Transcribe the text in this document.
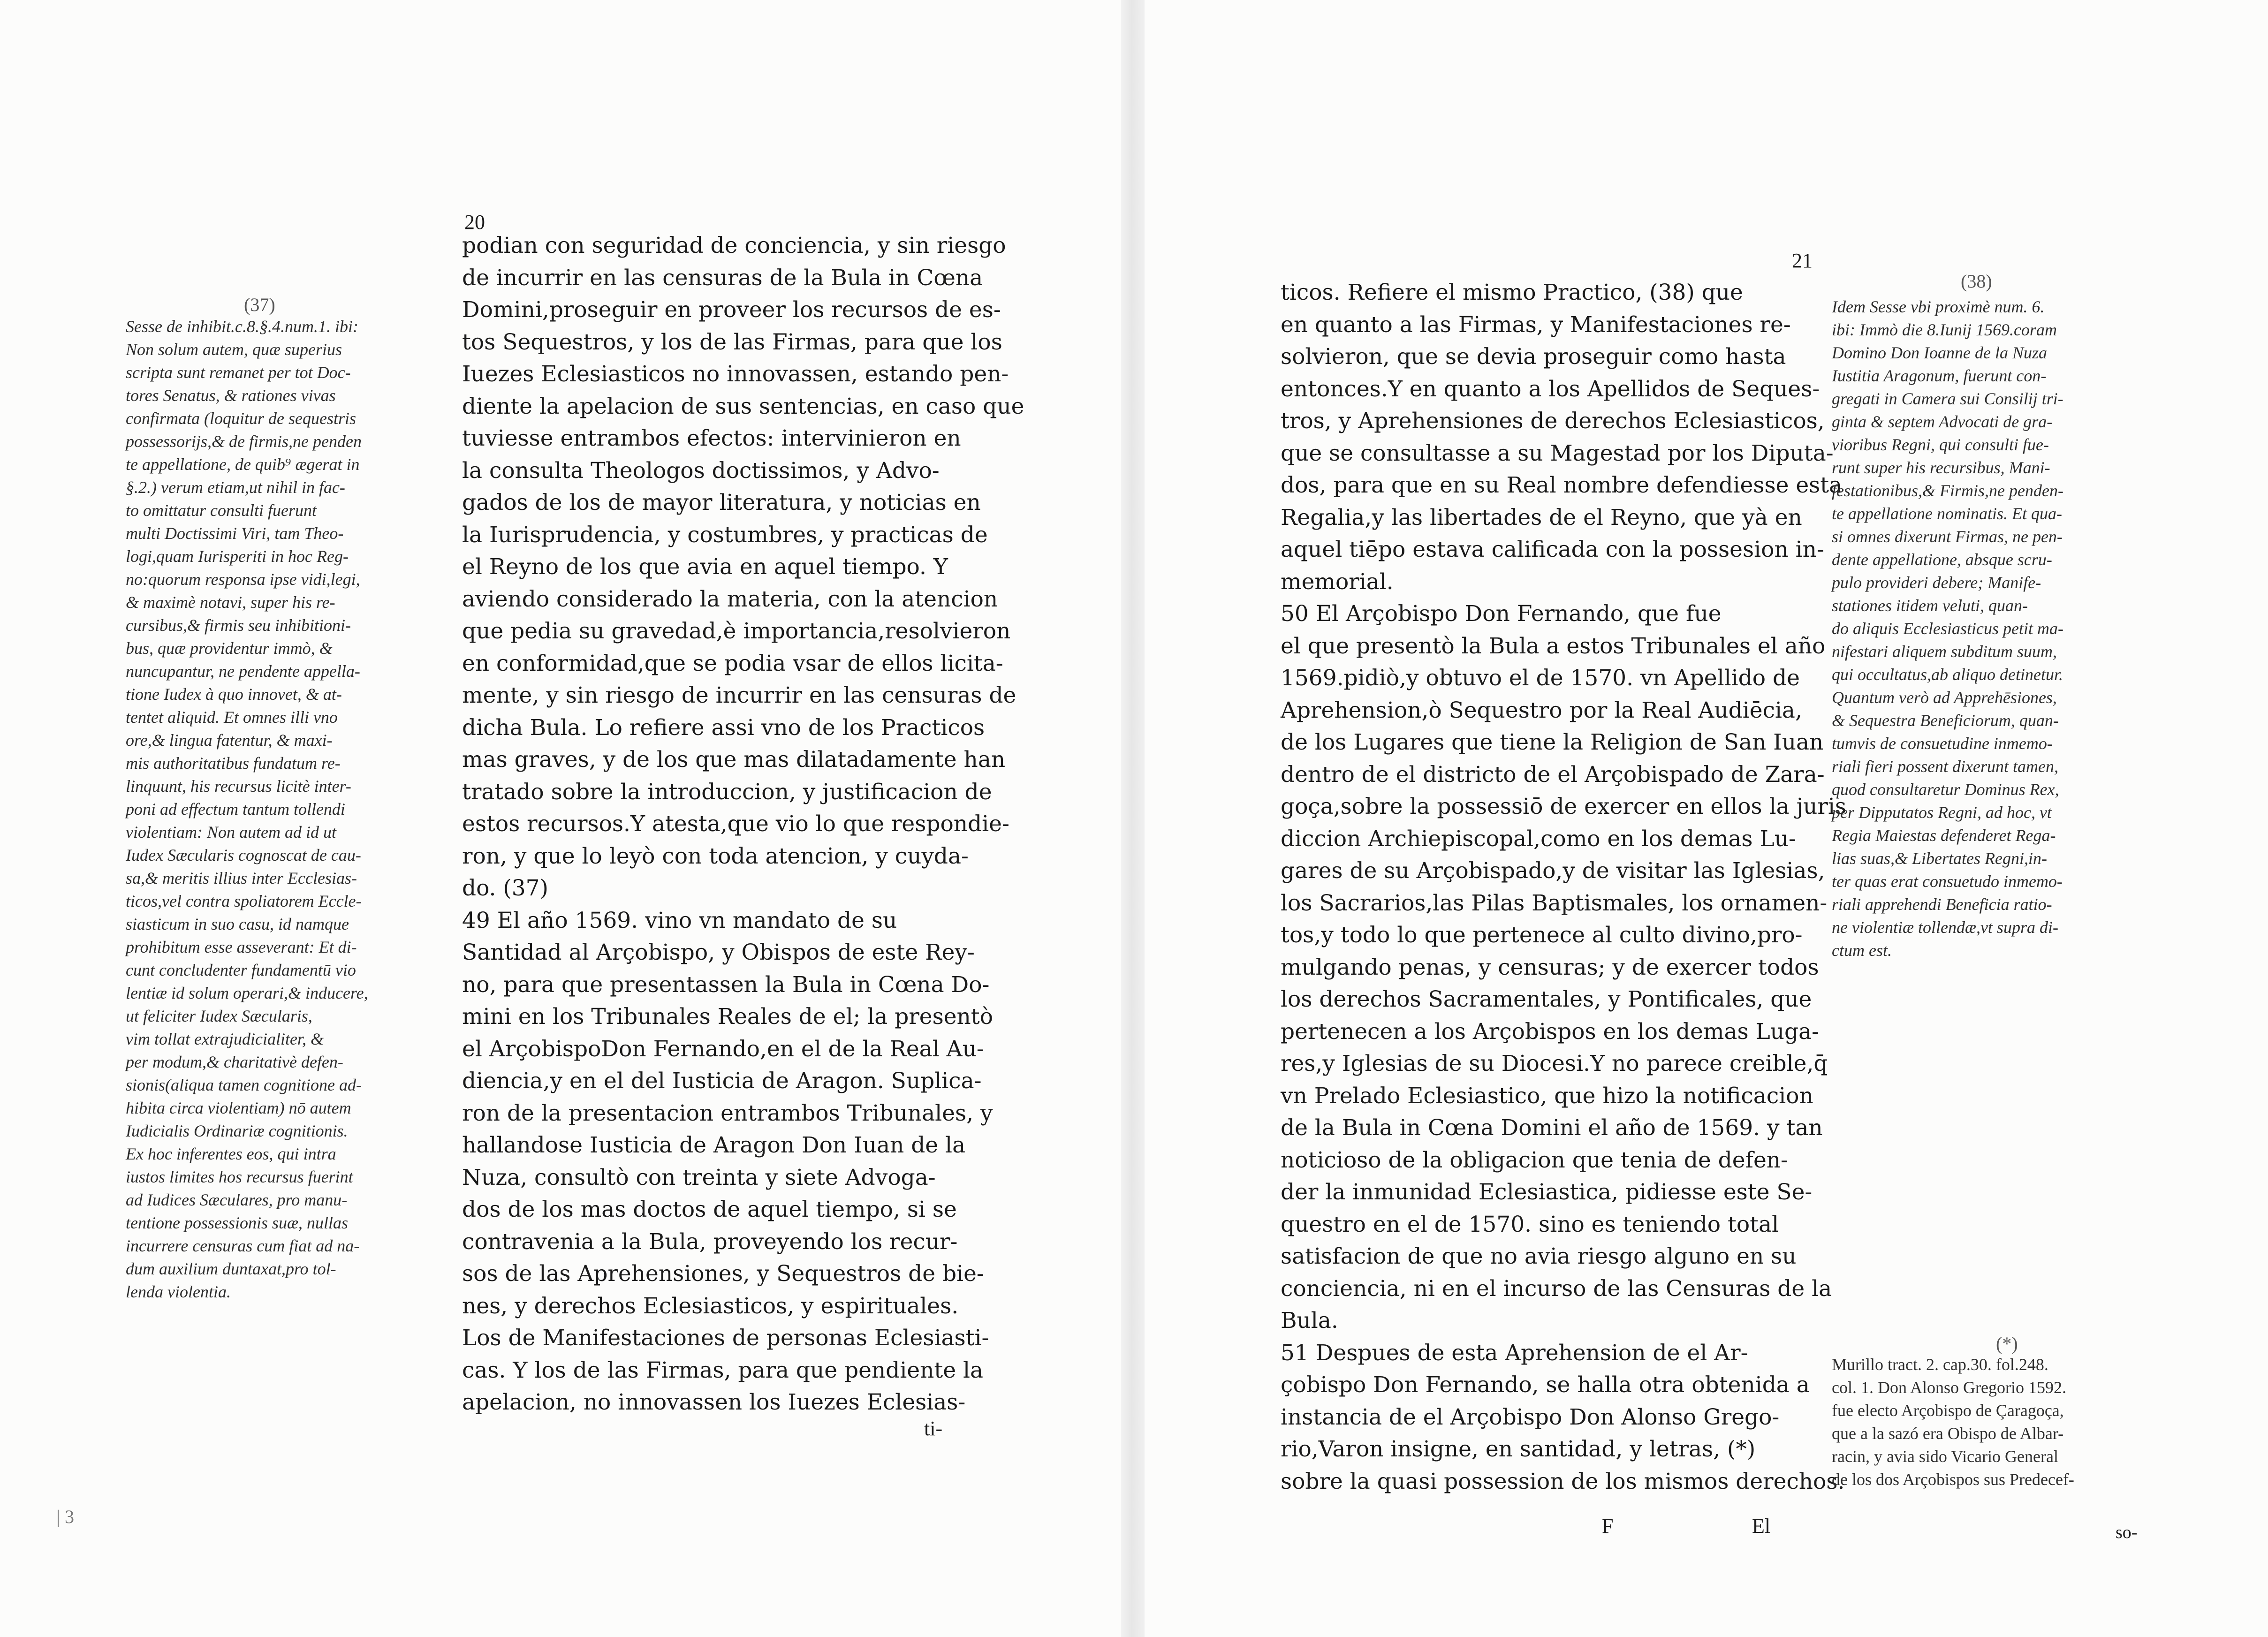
20
(37)
Sesse de inhibit.c.8.§.4.num.1. ibi:
Non solum autem, quæ superius
scripta sunt remanet per tot Doc-
tores Senatus, & rationes vivas
confirmata (loquitur de sequestris
possessorijs,& de firmis,ne penden
te appellatione, de quib⁹ ægerat in
§.2.) verum etiam,ut nihil in fac-
to omittatur consulti fuerunt
multi Doctissimi Viri, tam Theo-
logi,quam Iurisperiti in hoc Reg-
no:quorum responsa ipse vidi,legi,
& maximè notavi, super his re-
cursibus,& firmis seu inhibitioni-
bus, quæ providentur immò, &
nuncupantur, ne pendente appella-
tione Iudex à quo innovet, & at-
tentet aliquid. Et omnes illi vno
ore,& lingua fatentur, & maxi-
mis authoritatibus fundatum re-
linquunt, his recursus licitè inter-
poni ad effectum tantum tollendi
violentiam: Non autem ad id ut
Iudex Sæcularis cognoscat de cau-
sa,& meritis illius inter Ecclesias-
ticos,vel contra spoliatorem Eccle-
siasticum in suo casu, id namque
prohibitum esse asseverant: Et di-
cunt concludenter fundamentū vio
lentiæ id solum operari,& inducere,
ut feliciter Iudex Sæcularis,
vim tollat extrajudicialiter, &
per modum,& charitativè defen-
sionis(aliqua tamen cognitione ad-
hibita circa violentiam) nō autem
Iudicialis Ordinariæ cognitionis.
Ex hoc inferentes eos, qui intra
iustos limites hos recursus fuerint
ad Iudices Sæculares, pro manu-
tentione possessionis suæ, nullas
incurrere censuras cum fiat ad na-
dum auxilium duntaxat,pro tol-
lenda violentia.
podian con seguridad de conciencia, y sin riesgo
de incurrir en las censuras de la Bula in Cœna
Domini,proseguir en proveer los recursos de es-
tos Sequestros, y los de las Firmas, para que los
Iuezes Eclesiasticos no innovassen, estando pen-
diente la apelacion de sus sentencias, en caso que
tuviesse entrambos efectos: intervinieron en
la consulta Theologos doctissimos, y Advo-
gados de los de mayor literatura, y noticias en
la Iurisprudencia, y costumbres, y practicas de
el Reyno de los que avia en aquel tiempo. Y
aviendo considerado la materia, con la atencion
que pedia su gravedad,è importancia,resolvieron
en conformidad,que se podia vsar de ellos licita-
mente, y sin riesgo de incurrir en las censuras de
dicha Bula. Lo refiere assi vno de los Practicos
mas graves, y de los que mas dilatadamente han
tratado sobre la introduccion, y justificacion de
estos recursos.Y atesta,que vio lo que respondie-
ron, y que lo leyò con toda atencion, y cuyda-
do. (37)
49 El año 1569. vino vn mandato de su
Santidad al Arçobispo, y Obispos de este Rey-
no, para que presentassen la Bula in Cœna Do-
mini en los Tribunales Reales de el; la presentò
el ArçobispoDon Fernando,en el de la Real Au-
diencia,y en el del Iusticia de Aragon. Suplica-
ron de la presentacion entrambos Tribunales, y
hallandose Iusticia de Aragon Don Iuan de la
Nuza, consultò con treinta y siete Advoga-
dos de los mas doctos de aquel tiempo, si se
contravenia a la Bula, proveyendo los recur-
sos de las Aprehensiones, y Sequestros de bie-
nes, y derechos Eclesiasticos, y espirituales.
Los de Manifestaciones de personas Eclesiasti-
cas. Y los de las Firmas, para que pendiente la
apelacion, no innovassen los Iuezes Eclesias-
ti-
| 3
21
(38)
ticos. Refiere el mismo Practico, (38) que
en quanto a las Firmas, y Manifestaciones re-
solvieron, que se devia proseguir como hasta
entonces.Y en quanto a los Apellidos de Seques-
tros, y Aprehensiones de derechos Eclesiasticos,
que se consultasse a su Magestad por los Diputa-
dos, para que en su Real nombre defendiesse esta
Regalia,y las libertades de el Reyno, que yà en
aquel tiēpo estava calificada con la possesion in-
memorial.
50 El Arçobispo Don Fernando, que fue
el que presentò la Bula a estos Tribunales el año
1569.pidiò,y obtuvo el de 1570. vn Apellido de
Aprehension,ò Sequestro por la Real Audiēcia,
de los Lugares que tiene la Religion de San Iuan
dentro de el districto de el Arçobispado de Zara-
goça,sobre la possessiō de exercer en ellos la juris
diccion Archiepiscopal,como en los demas Lu-
gares de su Arçobispado,y de visitar las Iglesias,
los Sacrarios,las Pilas Baptismales, los ornamen-
tos,y todo lo que pertenece al culto divino,pro-
mulgando penas, y censuras; y de exercer todos
los derechos Sacramentales, y Pontificales, que
pertenecen a los Arçobispos en los demas Luga-
res,y Iglesias de su Diocesi.Y no parece creible,q̄
vn Prelado Eclesiastico, que hizo la notificacion
de la Bula in Cœna Domini el año de 1569. y tan
noticioso de la obligacion que tenia de defen-
der la inmunidad Eclesiastica, pidiesse este Se-
questro en el de 1570. sino es teniendo total
satisfacion de que no avia riesgo alguno en su
conciencia, ni en el incurso de las Censuras de la
Bula.
51 Despues de esta Aprehension de el Ar-
çobispo Don Fernando, se halla otra obtenida a
instancia de el Arçobispo Don Alonso Grego-
rio,Varon insigne, en santidad, y letras, (*)
sobre la quasi possession de los mismos derechos.
Idem Sesse vbi proximè num. 6.
ibi: Immò die 8.Iunij 1569.coram
Domino Don Ioanne de la Nuza
Iustitia Aragonum, fuerunt con-
gregati in Camera sui Consilij tri-
ginta & septem Advocati de gra-
vioribus Regni, qui consulti fue-
runt super his recursibus, Mani-
festationibus,& Firmis,ne penden-
te appellatione nominatis. Et qua-
si omnes dixerunt Firmas, ne pen-
dente appellatione, absque scru-
pulo provideri debere; Manife-
stationes itidem veluti, quan-
do aliquis Ecclesiasticus petit ma-
nifestari aliquem subditum suum,
qui occultatus,ab aliquo detinetur.
Quantum verò ad Apprehēsiones,
& Sequestra Beneficiorum, quan-
tumvis de consuetudine inmemo-
riali fieri possent dixerunt tamen,
quod consultaretur Dominus Rex,
per Dipputatos Regni, ad hoc, vt
Regia Maiestas defenderet Rega-
lias suas,& Libertates Regni,in-
ter quas erat consuetudo inmemo-
riali apprehendi Beneficia ratio-
ne violentiæ tollendæ,vt supra di-
ctum est.
(*)
Murillo tract. 2. cap.30. fol.248.
col. 1. Don Alonso Gregorio 1592.
fue electo Arçobispo de Çaragoça,
que a la sazó era Obispo de Albar-
racin, y avia sido Vicario General
de los dos Arçobispos sus Predecef-
F	El	so-
